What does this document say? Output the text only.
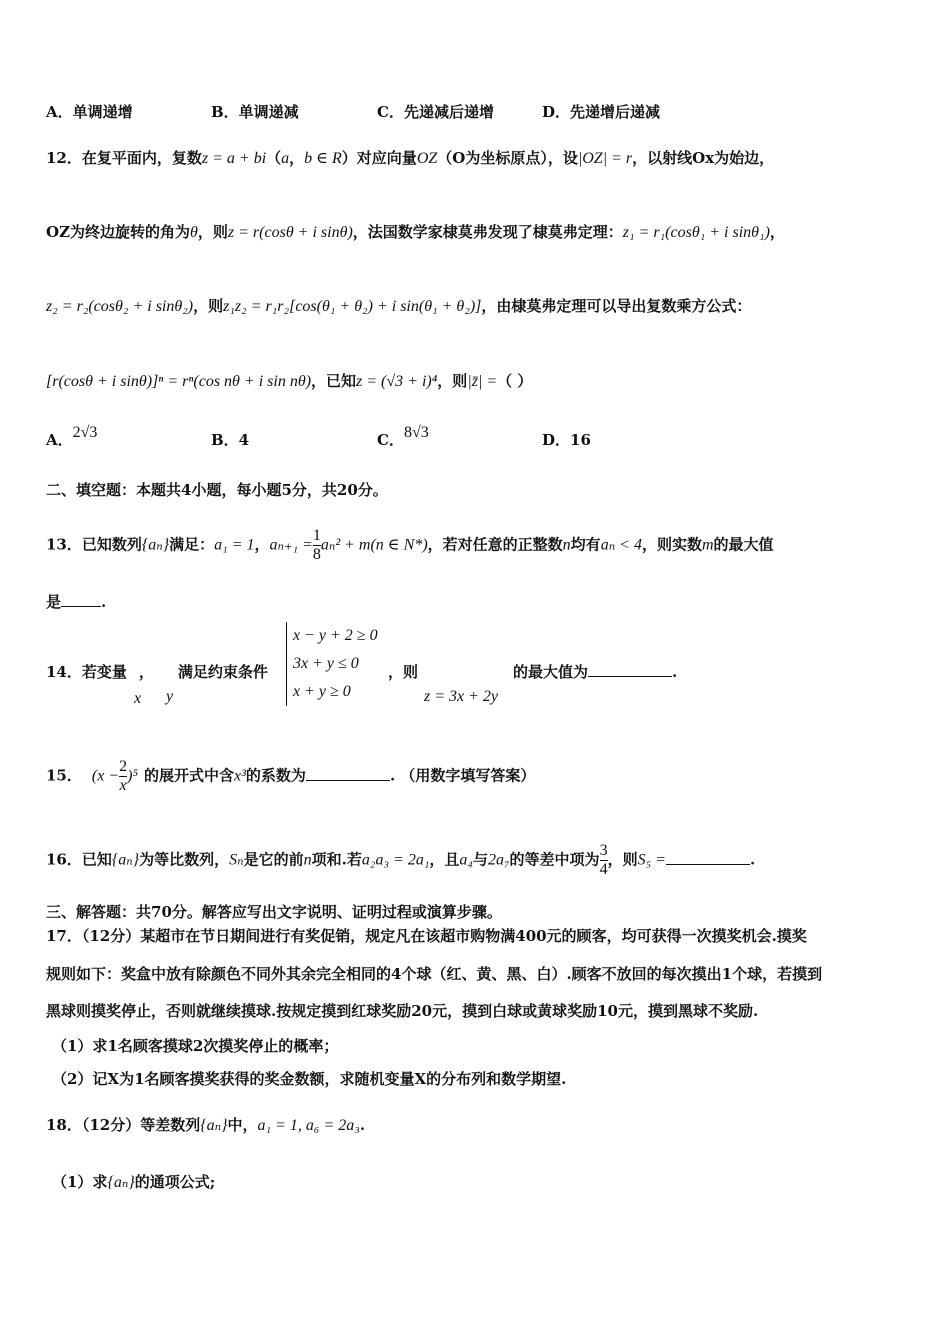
A．单调递增	B．单调递减	C．先递减后递增	D．先递增后递减
12．在复平面内，复数z = a + bi（a，b ∈ R）对应向量OZ（O为坐标原点），设|OZ| = r，以射线Ox为始边，
OZ为终边旋转的角为θ，则z = r(cosθ + i sinθ)，法国数学家棣莫弗发现了棣莫弗定理：z₁ = r₁(cosθ₁ + i sinθ₁)，
z₂ = r₂(cosθ₂ + i sinθ₂)，则z₁z₂ = r₁r₂[cos(θ₁ + θ₂) + i sin(θ₁ + θ₂)]，由棣莫弗定理可以导出复数乘方公式：
[r(cosθ + i sinθ)]ⁿ = rⁿ(cos nθ + i sin nθ)，已知z = (√3 + i)⁴，则|z̄| =（ ）
A．2√3	B．4	C．8√3	D．16
二、填空题：本题共4小题，每小题5分，共20分。
13．已知数列{aₙ}满足：a₁ = 1，$a_{n+1} = \frac{1}{8} a_n^2 + m(n$ ∈ N*)，若对任意的正整数n均有aₙ < 4，则实数m的最大值
是	.
14．若变量 ， 满足约束条件
x y
x − y + 2 ≥ 0
3x + y ≤ 0
x + y ≥ 0
，则
z = 3x + 2y
的最大值为	.
15． $(x - \frac{2}{x} )^5$ 的展开式中含x³的系数为	. （用数字填写答案）
16．已知{aₙ}为等比数列，Sₙ是它的前n项和.若a₂a₃ = 2a₁，且a₄与2a₇的等差中项为 $\frac{3}{4}$ ，则S₅ =	.
三、解答题：共70分。解答应写出文字说明、证明过程或演算步骤。
17．（12分）某超市在节日期间进行有奖促销，规定凡在该超市购物满400元的顾客，均可获得一次摸奖机会.摸奖
规则如下：奖盒中放有除颜色不同外其余完全相同的4个球（红、黄、黑、白）.顾客不放回的每次摸出1个球，若摸到
黑球则摸奖停止，否则就继续摸球.按规定摸到红球奖励20元，摸到白球或黄球奖励10元，摸到黑球不奖励.
（1）求1名顾客摸球2次摸奖停止的概率；
（2）记X为1名顾客摸奖获得的奖金数额，求随机变量X的分布列和数学期望.
18．（12分）等差数列{aₙ}中，a₁ = 1, a₆ = 2a₃.
（1）求{aₙ}的通项公式;
